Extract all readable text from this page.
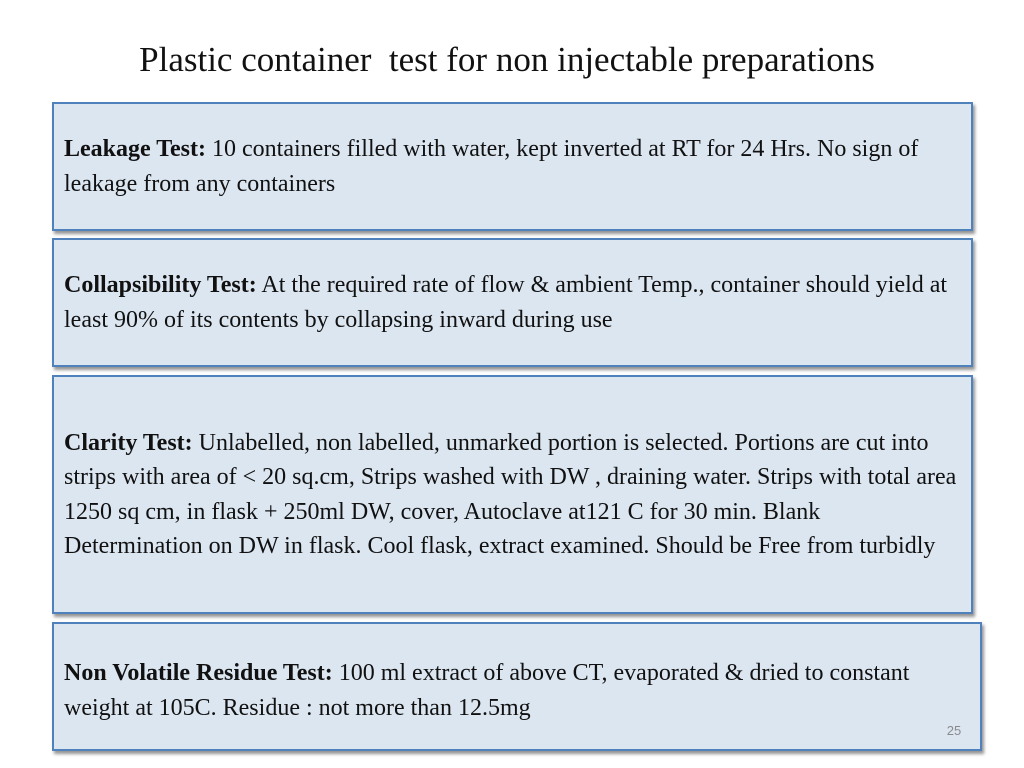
Plastic container  test for non injectable preparations

Leakage Test: 10 containers filled with water, kept inverted at RT for 24 Hrs. No sign of leakage from any containers

Collapsibility Test: At the required rate of flow & ambient Temp., container should yield at least 90% of its contents by collapsing inward during use

Clarity Test: Unlabelled, non labelled, unmarked portion is selected. Portions are cut into strips with area of < 20 sq.cm, Strips washed with DW , draining water. Strips with total area 1250 sq cm, in flask + 250ml DW, cover, Autoclave at121 C for 30 min. Blank Determination on DW in flask. Cool flask, extract examined. Should be Free from turbidly

Non Volatile Residue Test: 100 ml extract of above CT, evaporated & dried to constant weight at 105C. Residue : not more than 12.5mg

25
